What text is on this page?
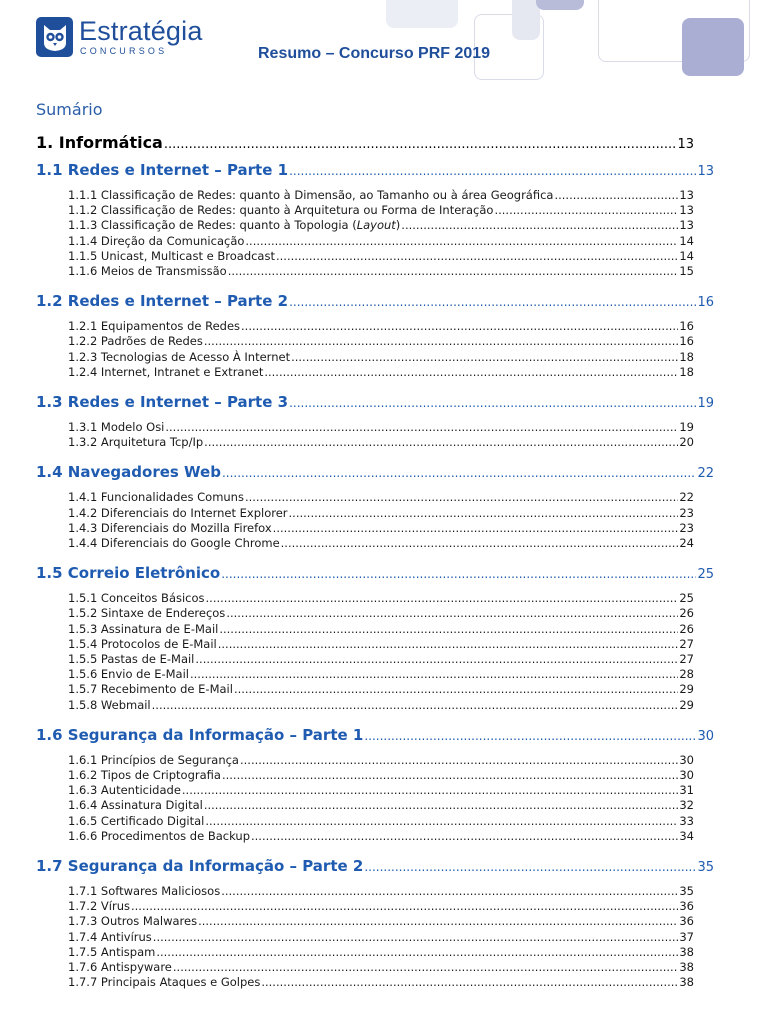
Estratégia
CONCURSOS	Resumo – Concurso PRF 2019
Sumário
1. Informática .....	13
1.1 Redes e Internet – Parte 1 .....	13
1.1.1 Classificação de Redes: quanto à Dimensão, ao Tamanho ou à área Geográfica .....	13
1.1.2 Classificação de Redes: quanto à Arquitetura ou Forma de Interação .....	13
1.1.3 Classificação de Redes: quanto à Topologia (Layout) .....	13
1.1.4 Direção da Comunicação .....	14
1.1.5 Unicast, Multicast e Broadcast .....	14
1.1.6 Meios de Transmissão .....	15
1.2 Redes e Internet – Parte 2 .....	16
1.2.1 Equipamentos de Redes .....	16
1.2.2 Padrões de Redes .....	16
1.2.3 Tecnologias de Acesso À Internet .....	18
1.2.4 Internet, Intranet e Extranet .....	18
1.3 Redes e Internet – Parte 3 .....	19
1.3.1 Modelo Osi .....	19
1.3.2 Arquitetura Tcp/Ip .....	20
1.4 Navegadores Web .....	22
1.4.1 Funcionalidades Comuns .....	22
1.4.2 Diferenciais do Internet Explorer .....	23
1.4.3 Diferenciais do Mozilla Firefox .....	23
1.4.4 Diferenciais do Google Chrome .....	24
1.5 Correio Eletrônico .....	25
1.5.1 Conceitos Básicos .....	25
1.5.2 Sintaxe de Endereços .....	26
1.5.3 Assinatura de E-Mail .....	26
1.5.4 Protocolos de E-Mail .....	27
1.5.5 Pastas de E-Mail .....	27
1.5.6 Envio de E-Mail .....	28
1.5.7 Recebimento de E-Mail .....	29
1.5.8 Webmail .....	29
1.6 Segurança da Informação – Parte 1 .....	30
1.6.1 Princípios de Segurança .....	30
1.6.2 Tipos de Criptografia .....	30
1.6.3 Autenticidade .....	31
1.6.4 Assinatura Digital .....	32
1.6.5 Certificado Digital .....	33
1.6.6 Procedimentos de Backup .....	34
1.7 Segurança da Informação – Parte 2 .....	35
1.7.1 Softwares Maliciosos .....	35
1.7.2 Vírus .....	36
1.7.3 Outros Malwares .....	36
1.7.4 Antivírus .....	37
1.7.5 Antispam .....	38
1.7.6 Antispyware .....	38
1.7.7 Principais Ataques e Golpes .....	38
